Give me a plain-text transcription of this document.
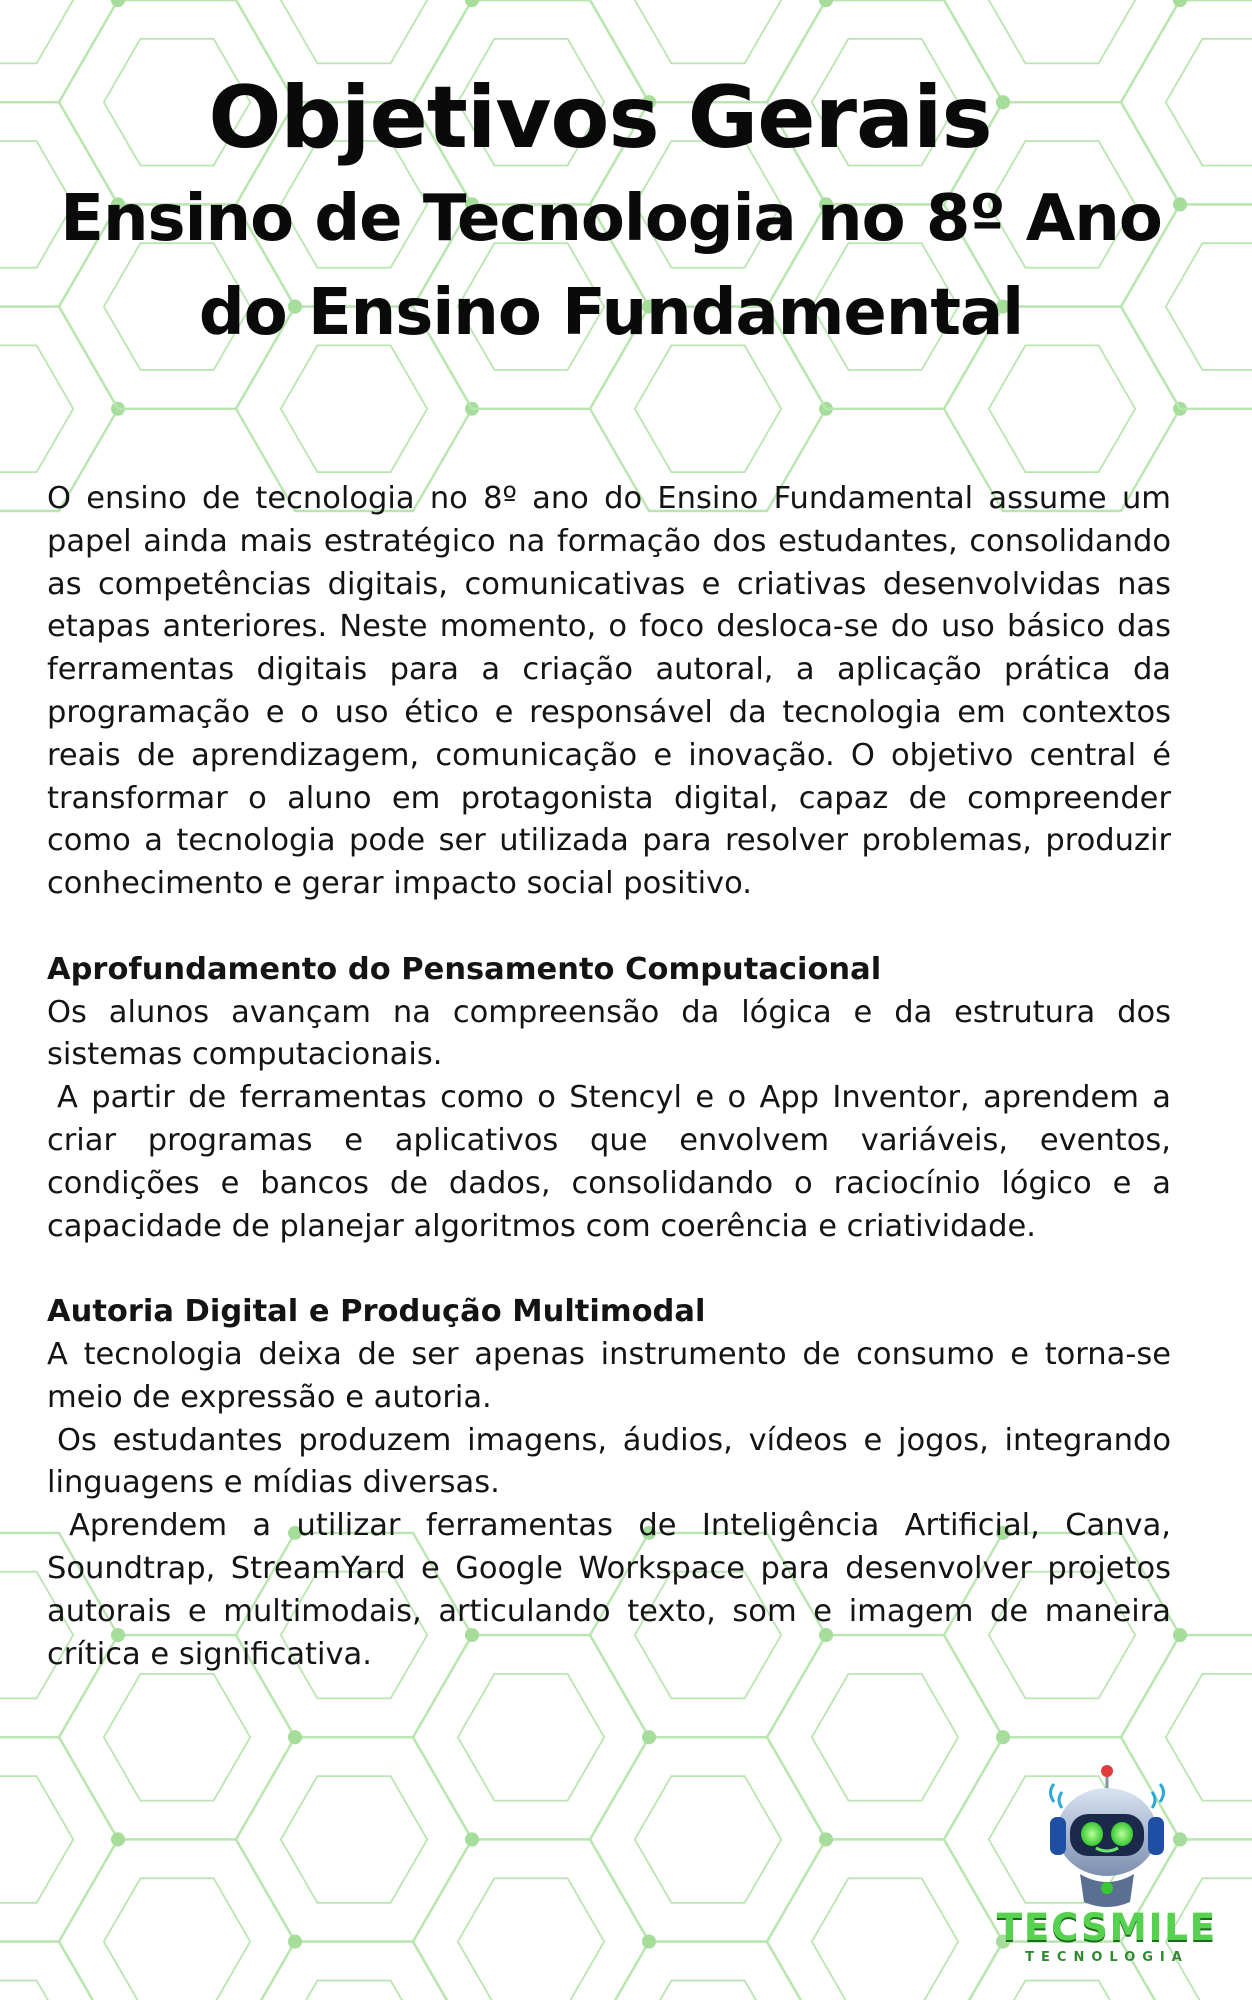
Objetivos Gerais
Ensino de Tecnologia no 8º Ano
do Ensino Fundamental

O ensino de tecnologia no 8º ano do Ensino Fundamental assume um papel ainda mais estratégico na formação dos estudantes, consolidando as competências digitais, comunicativas e criativas desenvolvidas nas etapas anteriores. Neste momento, o foco desloca-se do uso básico das ferramentas digitais para a criação autoral, a aplicação prática da programação e o uso ético e responsável da tecnologia em contextos reais de aprendizagem, comunicação e inovação. O objetivo central é transformar o aluno em protagonista digital, capaz de compreender como a tecnologia pode ser utilizada para resolver problemas, produzir conhecimento e gerar impacto social positivo.

Aprofundamento do Pensamento Computacional

Os alunos avançam na compreensão da lógica e da estrutura dos sistemas computacionais.

A partir de ferramentas como o Stencyl e o App Inventor, aprendem a criar programas e aplicativos que envolvem variáveis, eventos, condições e bancos de dados, consolidando o raciocínio lógico e a capacidade de planejar algoritmos com coerência e criatividade.

Autoria Digital e Produção Multimodal

A tecnologia deixa de ser apenas instrumento de consumo e torna-se meio de expressão e autoria.

Os estudantes produzem imagens, áudios, vídeos e jogos, integrando linguagens e mídias diversas.

Aprendem a utilizar ferramentas de Inteligência Artificial, Canva, Soundtrap, StreamYard e Google Workspace para desenvolver projetos autorais e multimodais, articulando texto, som e imagem de maneira crítica e significativa.

TECSMILE
TECNOLOGIA
